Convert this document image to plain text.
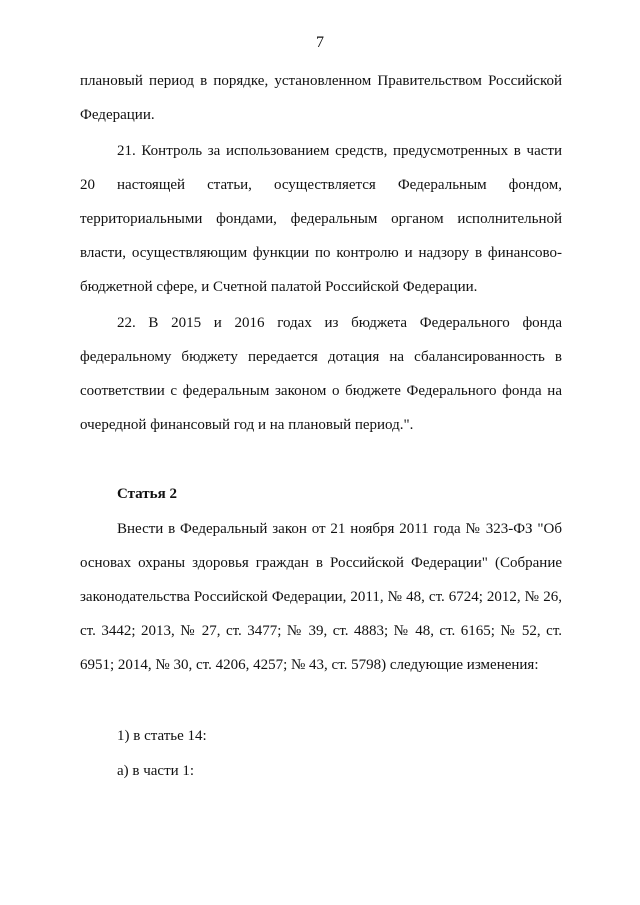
7

плановый период в порядке, установленном Правительством Российской Федерации.

21. Контроль за использованием средств, предусмотренных в части 20 настоящей статьи, осуществляется Федеральным фондом, территориальными фондами, федеральным органом исполнительной власти, осуществляющим функции по контролю и надзору в финансово-бюджетной сфере, и Счетной палатой Российской Федерации.

22. В 2015 и 2016 годах из бюджета Федерального фонда федеральному бюджету передается дотация на сбалансированность в соответствии с федеральным законом о бюджете Федерального фонда на очередной финансовый год и на плановый период.".

Статья 2

Внести в Федеральный закон от 21 ноября 2011 года № 323-ФЗ "Об основах охраны здоровья граждан в Российской Федерации" (Собрание законодательства Российской Федерации, 2011, № 48, ст. 6724; 2012, № 26, ст. 3442; 2013, № 27, ст. 3477; № 39, ст. 4883; № 48, ст. 6165; № 52, ст. 6951; 2014, № 30, ст. 4206, 4257; № 43, ст. 5798) следующие изменения:

1) в статье 14:
а) в части 1:
